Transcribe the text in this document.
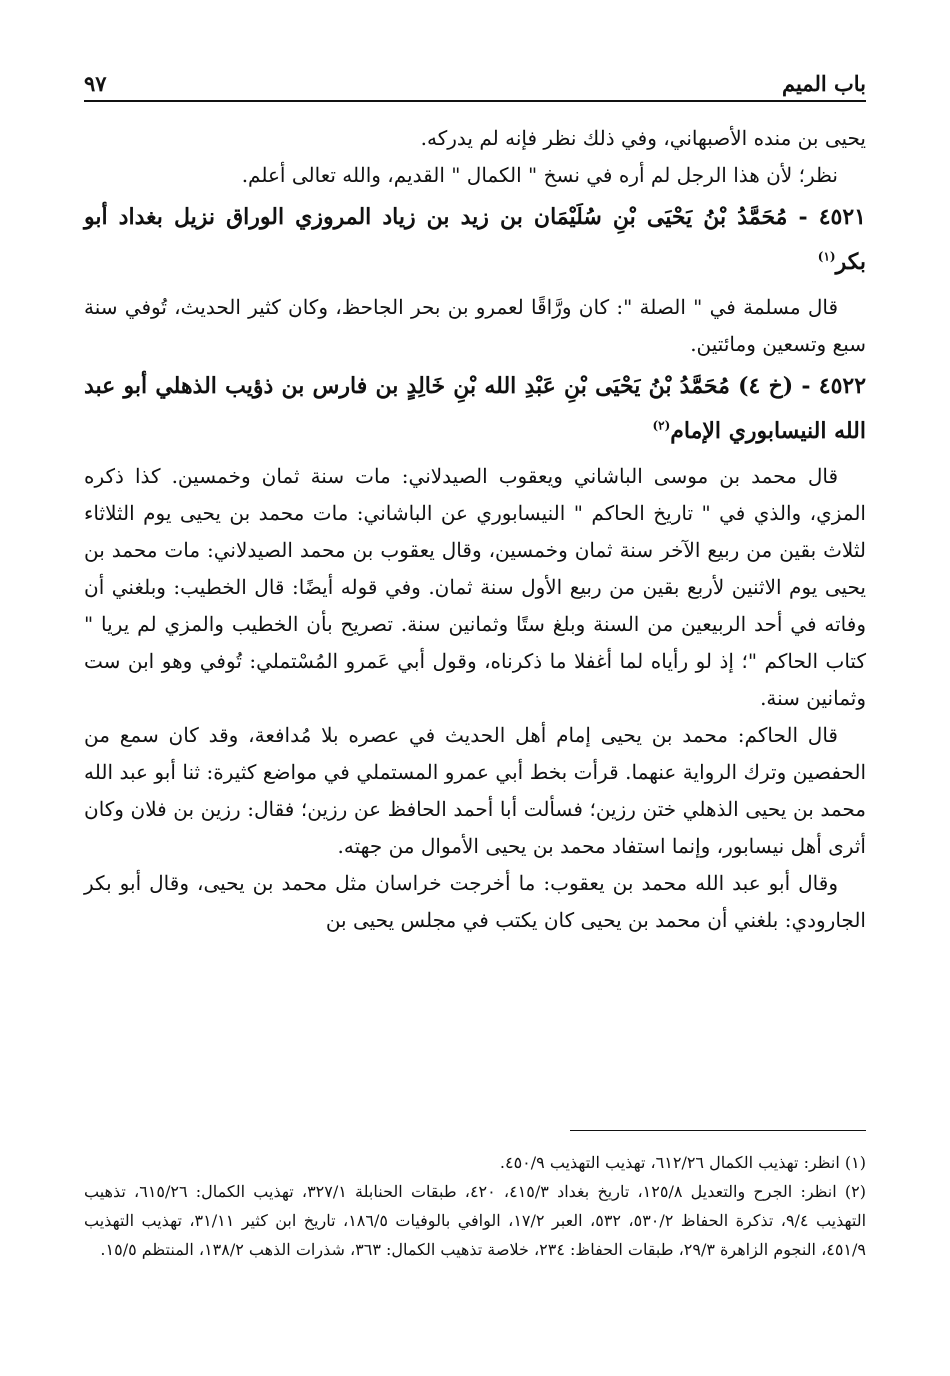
باب الميم
٩٧

يحيى بن منده الأصبهاني، وفي ذلك نظر فإنه لم يدركه.

نظر؛ لأن هذا الرجل لم أره في نسخ " الكمال " القديم، والله تعالى أعلم.

٤٥٢١ - مُحَمَّدُ بْنُ يَحْيَى بْنِ سُلَيْمَان بن زيد بن زياد المروزي الوراق نزيل بغداد أبو بكر$^{(١)}$

قال مسلمة في " الصلة ": كان ورَّاقًا لعمرو بن بحر الجاحظ، وكان كثير الحديث، تُوفي سنة سبع وتسعين ومائتين.

٤٥٢٢ - (خ ٤) مُحَمَّدُ بْنُ يَحْيَى بْنِ عَبْدِ الله بْنِ خَالِدٍ بن فارس بن ذؤيب الذهلي أبو عبد الله النيسابوري الإمام$^{(٢)}$

قال محمد بن موسى الباشاني ويعقوب الصيدلاني: مات سنة ثمان وخمسين. كذا ذكره المزي، والذي في " تاريخ الحاكم " النيسابوري عن الباشاني: مات محمد بن يحيى يوم الثلاثاء لثلاث بقين من ربيع الآخر سنة ثمان وخمسين، وقال يعقوب بن محمد الصيدلاني: مات محمد بن يحيى يوم الاثنين لأربع بقين من ربيع الأول سنة ثمان. وفي قوله أيضًا: قال الخطيب: وبلغني أن وفاته في أحد الربيعين من السنة وبلغ ستًا وثمانين سنة. تصريح بأن الخطيب والمزي لم يريا " كتاب الحاكم "؛ إذ لو رأياه لما أغفلا ما ذكرناه، وقول أبي عَمرو المُسْتملي: تُوفي وهو ابن ست وثمانين سنة.

قال الحاكم: محمد بن يحيى إمام أهل الحديث في عصره بلا مُدافعة، وقد كان سمع من الحفصين وترك الرواية عنهما. قرأت بخط أبي عمرو المستملي في مواضع كثيرة: ثنا أبو عبد الله محمد بن يحيى الذهلي ختن رزين؛ فسألت أبا أحمد الحافظ عن رزين؛ فقال: رزين بن فلان وكان أثرى أهل نيسابور، وإنما استفاد محمد بن يحيى الأموال من جهته.

وقال أبو عبد الله محمد بن يعقوب: ما أخرجت خراسان مثل محمد بن يحيى، وقال أبو بكر الجارودي: بلغني أن محمد بن يحيى كان يكتب في مجلس يحيى بن

(١) انظر: تهذيب الكمال ٦١٢/٢٦، تهذيب التهذيب ٤٥٠/٩.

(٢) انظر: الجرح والتعديل ١٢٥/٨، تاريخ بغداد ٤١٥/٣، ٤٢٠، طبقات الحنابلة ٣٢٧/١، تهذيب الكمال: ٦١٥/٢٦، تذهيب التهذيب ٩/٤، تذكرة الحفاظ ٥٣٠/٢، ٥٣٢، العبر ١٧/٢، الوافي بالوفيات ١٨٦/٥، تاريخ ابن كثير ٣١/١١، تهذيب التهذيب ٤٥١/٩، النجوم الزاهرة ٢٩/٣، طبقات الحفاظ: ٢٣٤، خلاصة تذهيب الكمال: ٣٦٣، شذرات الذهب ١٣٨/٢، المنتظم ١٥/٥.
